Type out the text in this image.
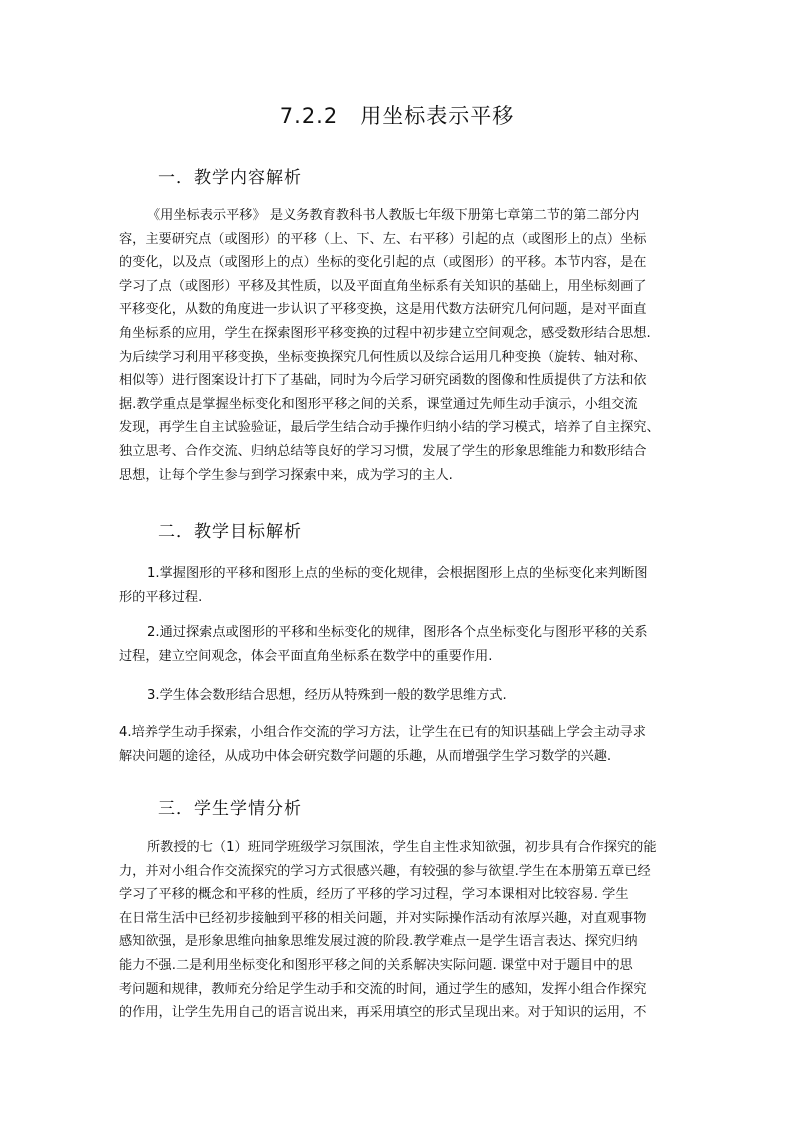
7.2.2　用坐标表示平移
一．教学内容解析
《用坐标表示平移》 是义务教育教科书人教版七年级下册第七章第二节的第二部分内
容，主要研究点（或图形）的平移（上、下、左、右平移）引起的点（或图形上的点）坐标
的变化，以及点（或图形上的点）坐标的变化引起的点（或图形）的平移。本节内容，是在
学习了点（或图形）平移及其性质，以及平面直角坐标系有关知识的基础上，用坐标刻画了
平移变化，从数的角度进一步认识了平移变换，这是用代数方法研究几何问题，是对平面直
角坐标系的应用，学生在探索图形平移变换的过程中初步建立空间观念，感受数形结合思想.
为后续学习利用平移变换，坐标变换探究几何性质以及综合运用几种变换（旋转、轴对称、
相似等）进行图案设计打下了基础，同时为今后学习研究函数的图像和性质提供了方法和依
据.教学重点是掌握坐标变化和图形平移之间的关系，课堂通过先师生动手演示，小组交流
发现，再学生自主试验验证，最后学生结合动手操作归纳小结的学习模式，培养了自主探究、
独立思考、合作交流、归纳总结等良好的学习习惯，发展了学生的形象思维能力和数形结合
思想，让每个学生参与到学习探索中来，成为学习的主人.
二．教学目标解析
1.掌握图形的平移和图形上点的坐标的变化规律，会根据图形上点的坐标变化来判断图
形的平移过程.
2.通过探索点或图形的平移和坐标变化的规律，图形各个点坐标变化与图形平移的关系
过程，建立空间观念，体会平面直角坐标系在数学中的重要作用.
3.学生体会数形结合思想，经历从特殊到一般的数学思维方式.
4.培养学生动手探索，小组合作交流的学习方法，让学生在已有的知识基础上学会主动寻求
解决问题的途径，从成功中体会研究数学问题的乐趣，从而增强学生学习数学的兴趣.
三．学生学情分析
所教授的七（1）班同学班级学习氛围浓，学生自主性求知欲强，初步具有合作探究的能
力，并对小组合作交流探究的学习方式很感兴趣，有较强的参与欲望.学生在本册第五章已经
学习了平移的概念和平移的性质，经历了平移的学习过程，学习本课相对比较容易. 学生
在日常生活中已经初步接触到平移的相关问题，并对实际操作活动有浓厚兴趣，对直观事物
感知欲强，是形象思维向抽象思维发展过渡的阶段.教学难点一是学生语言表达、探究归纳
能力不强.二是利用坐标变化和图形平移之间的关系解决实际问题. 课堂中对于题目中的思
考问题和规律，教师充分给足学生动手和交流的时间，通过学生的感知，发挥小组合作探究
的作用，让学生先用自己的语言说出来，再采用填空的形式呈现出来。对于知识的运用，不
